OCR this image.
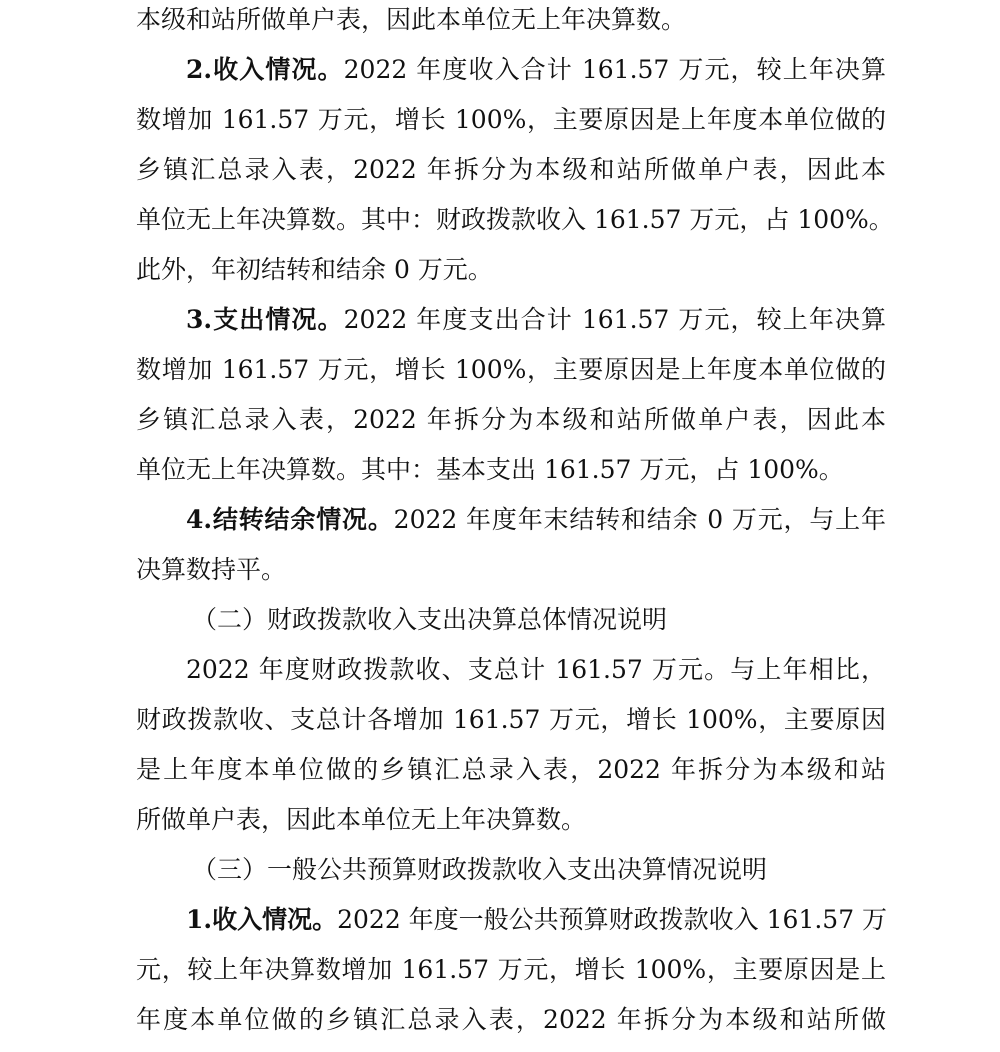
本级和站所做单户表，因此本单位无上年决算数。
2.收入情况。2022 年度收入合计 161.57 万元，较上年决算
数增加 161.57 万元，增长 100%，主要原因是上年度本单位做的
乡镇汇总录入表，2022 年拆分为本级和站所做单户表，因此本
单位无上年决算数。其中：财政拨款收入 161.57 万元，占 100%。
此外，年初结转和结余 0 万元。
3.支出情况。2022 年度支出合计 161.57 万元，较上年决算
数增加 161.57 万元，增长 100%，主要原因是上年度本单位做的
乡镇汇总录入表，2022 年拆分为本级和站所做单户表，因此本
单位无上年决算数。其中：基本支出 161.57 万元，占 100%。
4.结转结余情况。2022 年度年末结转和结余 0 万元，与上年
决算数持平。
（二）财政拨款收入支出决算总体情况说明
2022 年度财政拨款收、支总计 161.57 万元。与上年相比，
财政拨款收、支总计各增加 161.57 万元，增长 100%，主要原因
是上年度本单位做的乡镇汇总录入表，2022 年拆分为本级和站
所做单户表，因此本单位无上年决算数。
（三）一般公共预算财政拨款收入支出决算情况说明
1.收入情况。2022 年度一般公共预算财政拨款收入 161.57 万
元，较上年决算数增加 161.57 万元，增长 100%，主要原因是上
年度本单位做的乡镇汇总录入表，2022 年拆分为本级和站所做
